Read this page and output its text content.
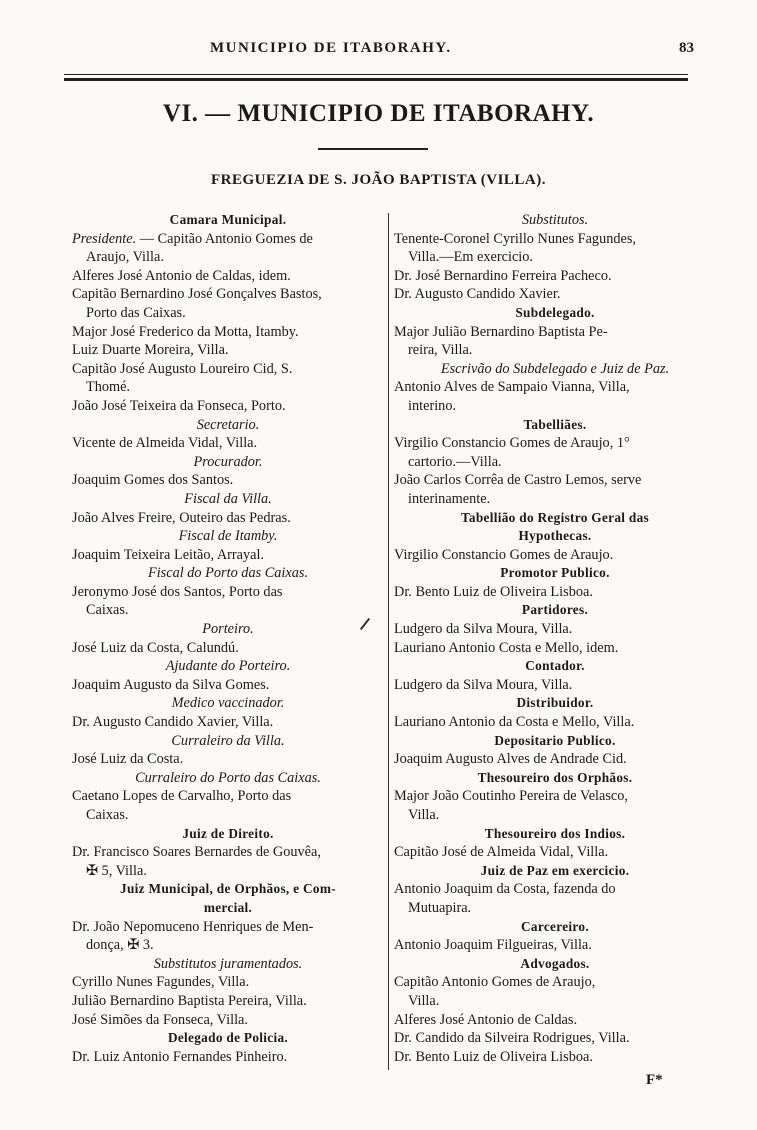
MUNICIPIO DE ITABORAHY.	83
VI. — MUNICIPIO DE ITABORAHY.
FREGUEZIA DE S. JOÃO BAPTISTA (VILLA).
Camara Municipal.
Presidente. — Capitão Antonio Gomes de
Araujo, Villa.
Alferes José Antonio de Caldas, idem.
Capitão Bernardino José Gonçalves Bastos,
Porto das Caixas.
Major José Frederico da Motta, Itamby.
Luiz Duarte Moreira, Villa.
Capitão José Augusto Loureiro Cid, S.
Thomé.
João José Teixeira da Fonseca, Porto.
Secretario.
Vicente de Almeida Vidal, Villa.
Procurador.
Joaquim Gomes dos Santos.
Fiscal da Villa.
João Alves Freire, Outeiro das Pedras.
Fiscal de Itamby.
Joaquim Teixeira Leitão, Arrayal.
Fiscal do Porto das Caixas.
Jeronymo José dos Santos, Porto das
Caixas.
Porteiro.
José Luiz da Costa, Calundú.
Ajudante do Porteiro.
Joaquim Augusto da Silva Gomes.
Medico vaccinador.
Dr. Augusto Candido Xavier, Villa.
Curraleiro da Villa.
José Luiz da Costa.
Curraleiro do Porto das Caixas.
Caetano Lopes de Carvalho, Porto das
Caixas.
Juiz de Direito.
Dr. Francisco Soares Bernardes de Gouvêa,
✠ 5, Villa.
Juiz Municipal, de Orphãos, e Com-
mercial.
Dr. João Nepomuceno Henriques de Men-
donça, ✠ 3.
Substitutos juramentados.
Cyrillo Nunes Fagundes, Villa.
Julião Bernardino Baptista Pereira, Villa.
José Simões da Fonseca, Villa.
Delegado de Policia.
Dr. Luiz Antonio Fernandes Pinheiro.
Substitutos.
Tenente-Coronel Cyrillo Nunes Fagundes,
Villa.—Em exercicio.
Dr. José Bernardino Ferreira Pacheco.
Dr. Augusto Candido Xavier.
Subdelegado.
Major Julião Bernardino Baptista Pe-
reira, Villa.
Escrivão do Subdelegado e Juiz de Paz.
Antonio Alves de Sampaio Vianna, Villa,
interino.
Tabelliães.
Virgilio Constancio Gomes de Araujo, 1°
cartorio.—Villa.
João Carlos Corrêa de Castro Lemos, serve
interinamente.
Tabellião do Registro Geral das
Hypothecas.
Virgilio Constancio Gomes de Araujo.
Promotor Publico.
Dr. Bento Luiz de Oliveira Lisboa.
Partidores.
Ludgero da Silva Moura, Villa.
Lauriano Antonio Costa e Mello, idem.
Contador.
Ludgero da Silva Moura, Villa.
Distribuidor.
Lauriano Antonio da Costa e Mello, Villa.
Depositario Publico.
Joaquim Augusto Alves de Andrade Cid.
Thesoureiro dos Orphãos.
Major João Coutinho Pereira de Velasco,
Villa.
Thesoureiro dos Indios.
Capitão José de Almeida Vidal, Villa.
Juiz de Paz em exercicio.
Antonio Joaquim da Costa, fazenda do
Mutuapira.
Carcereiro.
Antonio Joaquim Filgueiras, Villa.
Advogados.
Capitão Antonio Gomes de Araujo,
Villa.
Alferes José Antonio de Caldas.
Dr. Candido da Silveira Rodrigues, Villa.
Dr. Bento Luiz de Oliveira Lisboa.
F*
